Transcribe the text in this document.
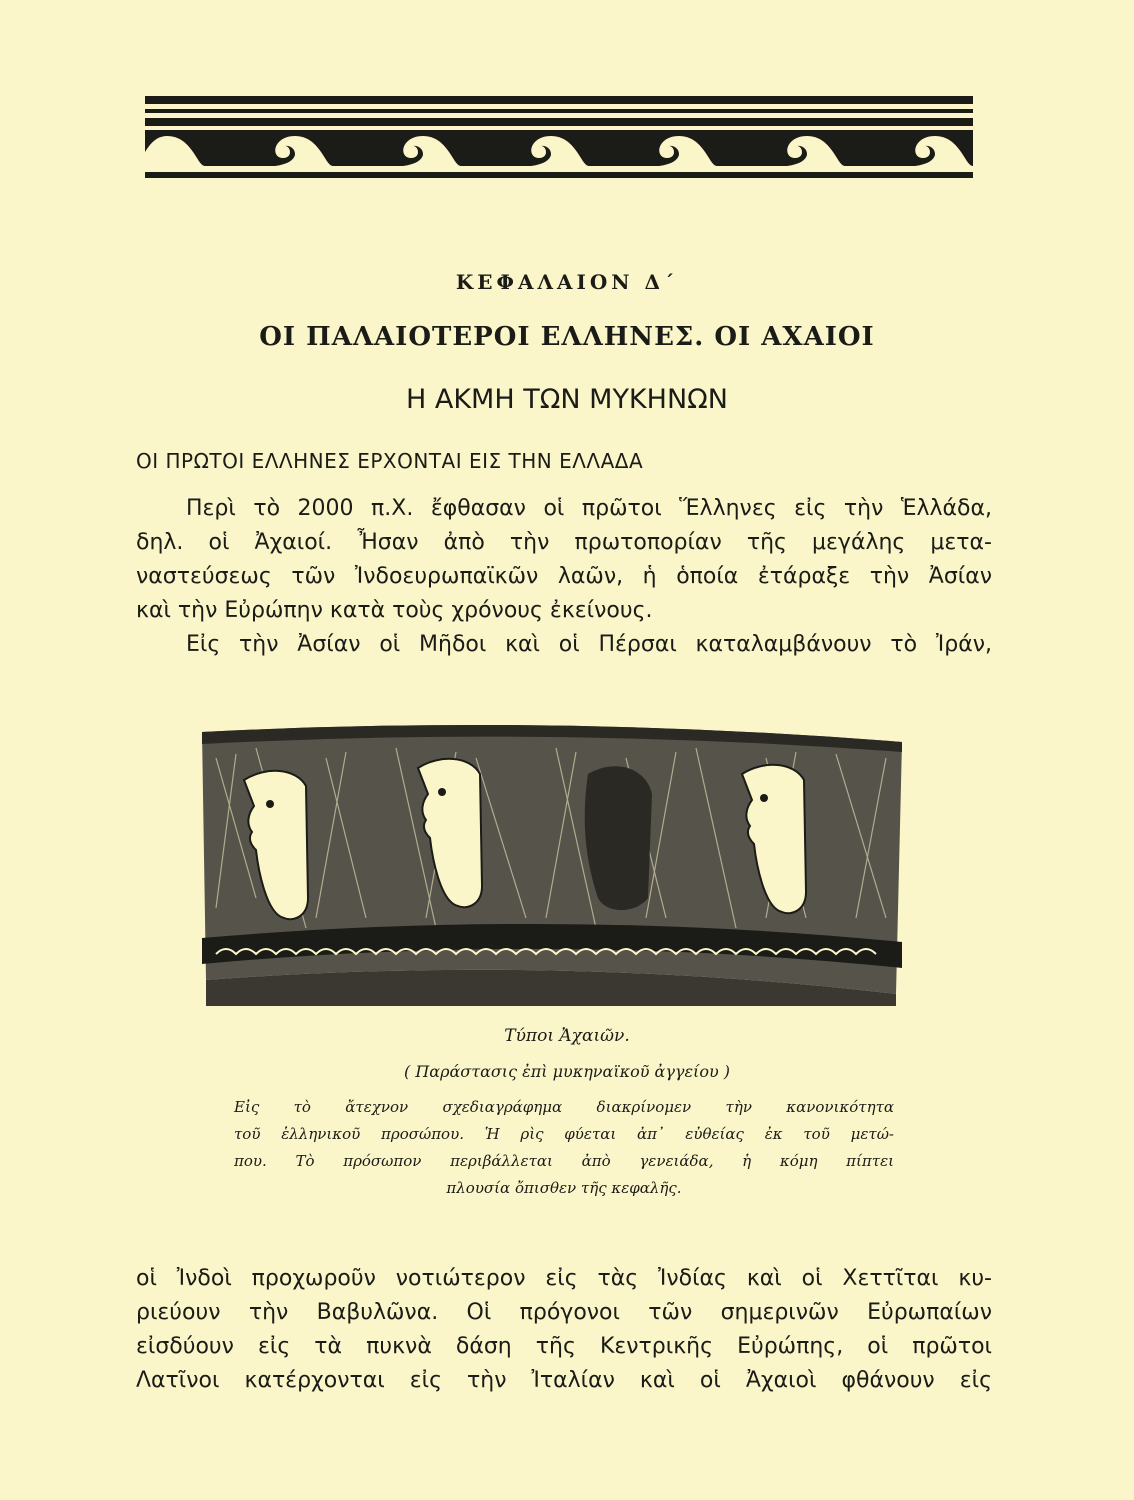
ΚΕΦΑΛΑΙΟΝ Δ΄
ΟΙ ΠΑΛΑΙΟΤΕΡΟΙ ΕΛΛΗΝΕΣ. ΟΙ ΑΧΑΙΟΙ
Η ΑΚΜΗ ΤΩΝ ΜΥΚΗΝΩΝ
ΟΙ ΠΡΩΤΟΙ ΕΛΛΗΝΕΣ ΕΡΧΟΝΤΑΙ ΕΙΣ ΤΗΝ ΕΛΛΑΔΑ
Περὶ τὸ 2000 π.Χ. ἔφθασαν οἱ πρῶτοι Ἕλληνες εἰς τὴν Ἑλλάδα,
δηλ. οἱ Ἀχαιοί. Ἦσαν ἀπὸ τὴν πρωτοπορίαν τῆς μεγάλης μετα-
ναστεύσεως τῶν Ἰνδοευρωπαϊκῶν λαῶν, ἡ ὁποία ἐτάραξε τὴν Ἀσίαν
καὶ τὴν Εὐρώπην κατὰ τοὺς χρόνους ἐκείνους.
Εἰς τὴν Ἀσίαν οἱ Μῆδοι καὶ οἱ Πέρσαι καταλαμβάνουν τὸ Ἰράν,
Τύποι Ἀχαιῶν.
( Παράστασις ἐπὶ μυκηναϊκοῦ ἀγγείου )
Εἰς τὸ ἄτεχνον σχεδιαγράφημα διακρίνομεν τὴν κανονικότητα
τοῦ ἑλληνικοῦ προσώπου. Ἡ ρὶς φύεται ἀπ᾽ εὐθείας ἐκ τοῦ μετώ-
που. Τὸ πρόσωπον περιβάλλεται ἀπὸ γενειάδα, ἡ κόμη πίπτει
πλουσία ὄπισθεν τῆς κεφαλῆς.
οἱ Ἰνδοὶ προχωροῦν νοτιώτερον εἰς τὰς Ἰνδίας καὶ οἱ Χεττῖται κυ-
ριεύουν τὴν Βαβυλῶνα. Οἱ πρόγονοι τῶν σημερινῶν Εὐρωπαίων
εἰσδύουν εἰς τὰ πυκνὰ δάση τῆς Κεντρικῆς Εὐρώπης, οἱ πρῶτοι
Λατῖνοι κατέρχονται εἰς τὴν Ἰταλίαν καὶ οἱ Ἀχαιοὶ φθάνουν εἰς
